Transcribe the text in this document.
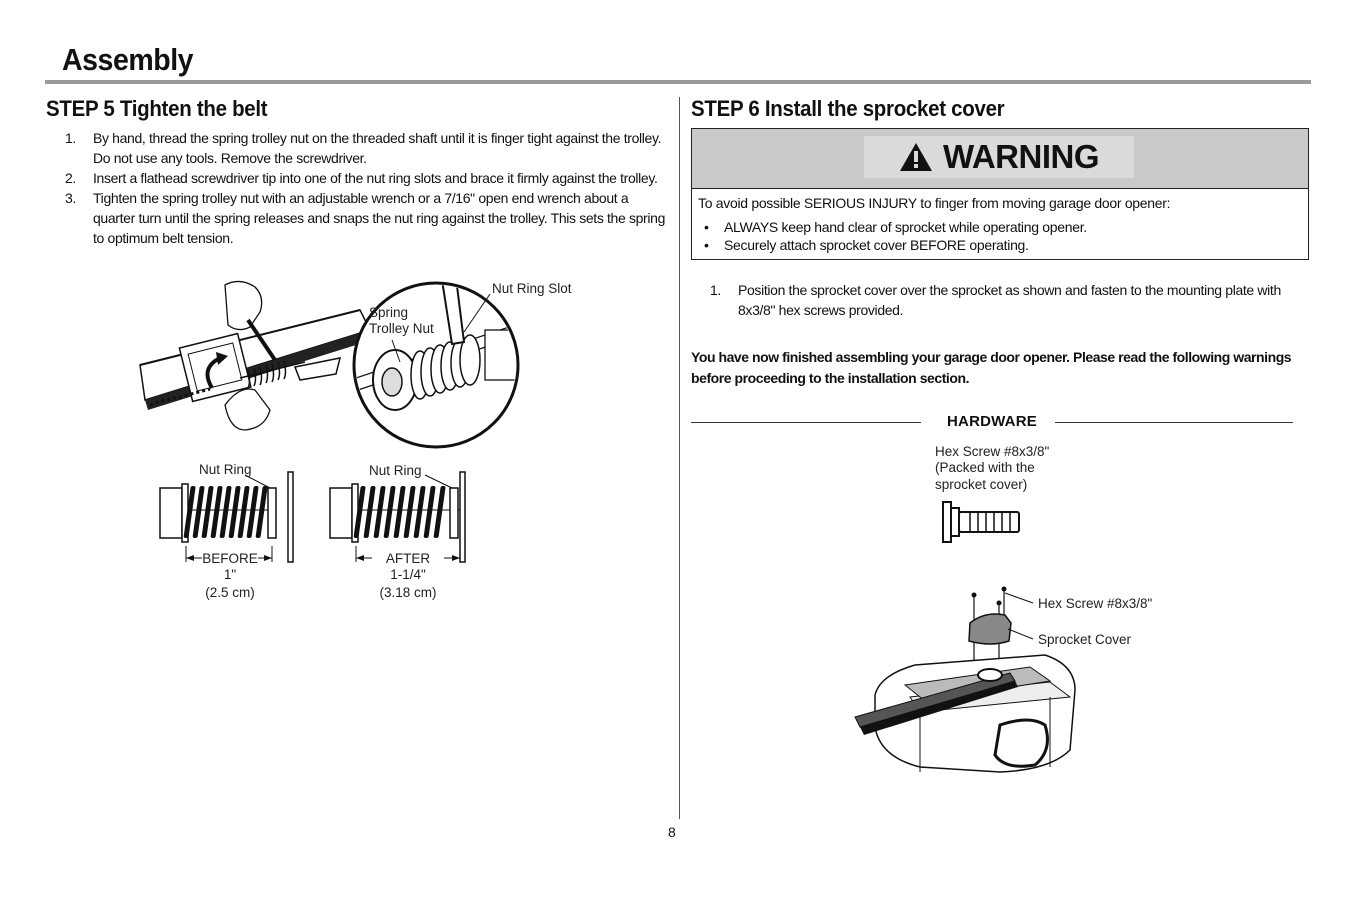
Assembly
STEP 5 Tighten the belt
1. By hand, thread the spring trolley nut on the threaded shaft until it is finger tight against the trolley. Do not use any tools. Remove the screwdriver.
2. Insert a flathead screwdriver tip into one of the nut ring slots and brace it firmly against the trolley.
3. Tighten the spring trolley nut with an adjustable wrench or a 7/16" open end wrench about a quarter turn until the spring releases and snaps the nut ring against the trolley. This sets the spring to optimum belt tension.
Nut Ring Slot
Spring
Trolley Nut
Nut Ring	Nut Ring
BEFORE
1"
(2.5 cm)
AFTER
1-1/4"
(3.18 cm)
STEP 6 Install the sprocket cover
WARNING
To avoid possible SERIOUS INJURY to finger from moving garage door opener:
• ALWAYS keep hand clear of sprocket while operating opener.
• Securely attach sprocket cover BEFORE operating.
1. Position the sprocket cover over the sprocket as shown and fasten to the mounting plate with 8x3/8" hex screws provided.
You have now finished assembling your garage door opener. Please read the following warnings before proceeding to the installation section.
HARDWARE
Hex Screw #8x3/8"
(Packed with the
sprocket cover)
Hex Screw #8x3/8"
Sprocket Cover
8
